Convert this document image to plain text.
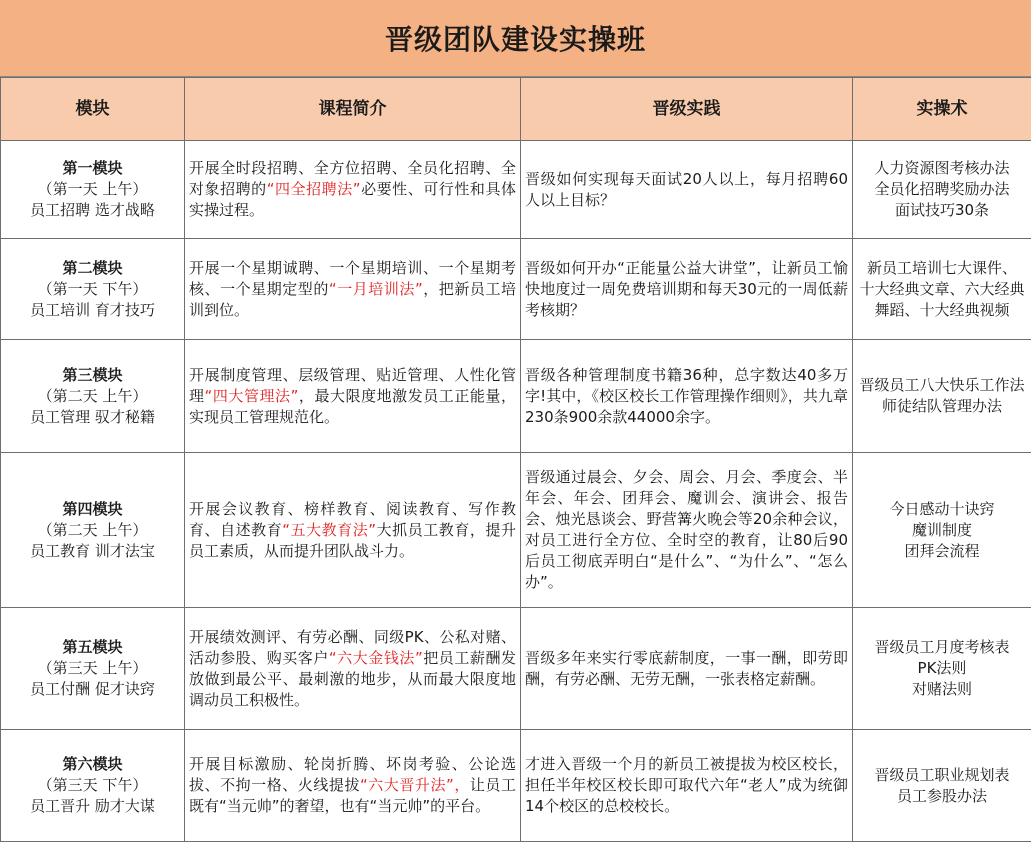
晋级团队建设实操班
模块	课程简介	晋级实践	实操术

第一模块
（第一天 上午）
员工招聘 选才战略	开展全时段招聘、全方位招聘、全员化招聘、全对象招聘的“四全招聘法”必要性、可行性和具体实操过程。	晋级如何实现每天面试20人以上，每月招聘60人以上目标？	人力资源图考核办法
全员化招聘奖励办法
面试技巧30条

第二模块
（第一天 下午）
员工培训 育才技巧	开展一个星期诚聘、一个星期培训、一个星期考核、一个星期定型的“一月培训法”，把新员工培训到位。	晋级如何开办“正能量公益大讲堂”，让新员工愉快地度过一周免费培训期和每天30元的一周低薪考核期？	新员工培训七大课件、
十大经典文章、六大经典
舞蹈、十大经典视频

第三模块
（第二天 上午）
员工管理 驭才秘籍	开展制度管理、层级管理、贴近管理、人性化管理“四大管理法”，最大限度地激发员工正能量，实现员工管理规范化。	晋级各种管理制度书籍36种，总字数达40多万字!其中，《校区校长工作管理操作细则》，共九章230条900余款44000余字。	晋级员工八大快乐工作法
师徒结队管理办法

第四模块
（第二天 上午）
员工教育 训才法宝	开展会议教育、榜样教育、阅读教育、写作教育、自述教育“五大教育法”大抓员工教育，提升员工素质，从而提升团队战斗力。	晋级通过晨会、夕会、周会、月会、季度会、半年会、年会、团拜会、魔训会、演讲会、报告会、烛光恳谈会、野营篝火晚会等20余种会议，对员工进行全方位、全时空的教育，让80后90后员工彻底弄明白“是什么”、“为什么”、“怎么办”。	今日感动十诀窍
魔训制度
团拜会流程

第五模块
（第三天 上午）
员工付酬 促才诀窍	开展绩效测评、有劳必酬、同级PK、公私对赌、活动参股、购买客户“六大金钱法”把员工薪酬发放做到最公平、最刺激的地步，从而最大限度地调动员工积极性。	晋级多年来实行零底薪制度，一事一酬，即劳即酬，有劳必酬、无劳无酬，一张表格定薪酬。	晋级员工月度考核表
PK法则
对赌法则

第六模块
（第三天 下午）
员工晋升 励才大谋	开展目标激励、轮岗折腾、坏岗考验、公论选拔、不拘一格、火线提拔“六大晋升法”，让员工既有“当元帅”的奢望，也有“当元帅”的平台。	才进入晋级一个月的新员工被提拔为校区校长，担任半年校区校长即可取代六年“老人”成为统御14个校区的总校校长。	晋级员工职业规划表
员工参股办法
